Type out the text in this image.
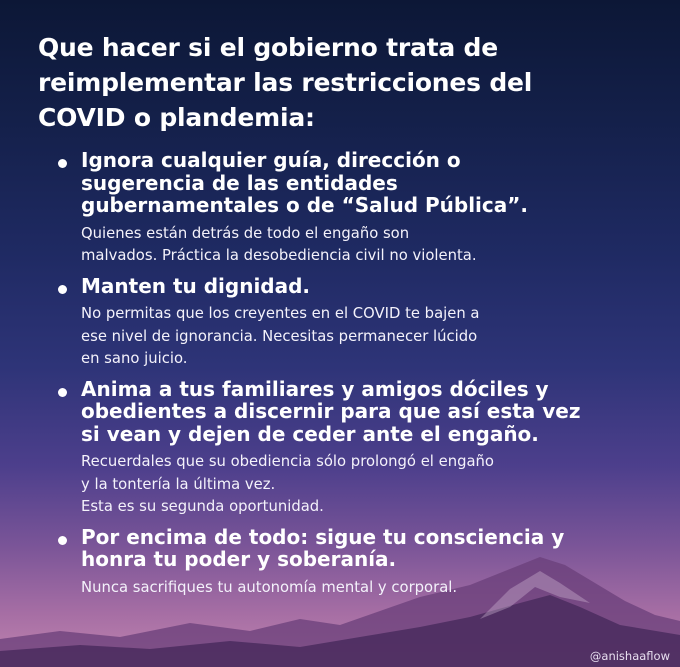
Que hacer si el gobierno trata de
reimplementar las restricciones del
COVID o plandemia:
Ignora cualquier guía, dirección o
sugerencia de las entidades
gubernamentales o de “Salud Pública”.
Quienes están detrás de todo el engaño son
malvados. Práctica la desobediencia civil no violenta.
Manten tu dignidad.
No permitas que los creyentes en el COVID te bajen a
ese nivel de ignorancia. Necesitas permanecer lúcido
en sano juicio.
Anima a tus familiares y amigos dóciles y
obedientes a discernir para que así esta vez
si vean y dejen de ceder ante el engaño.
Recuerdales que su obediencia sólo prolongó el engaño
y la tontería la última vez.
Esta es su segunda oportunidad.
Por encima de todo: sigue tu consciencia y
honra tu poder y soberanía.
Nunca sacrifiques tu autonomía mental y corporal.
@anishaaflow
